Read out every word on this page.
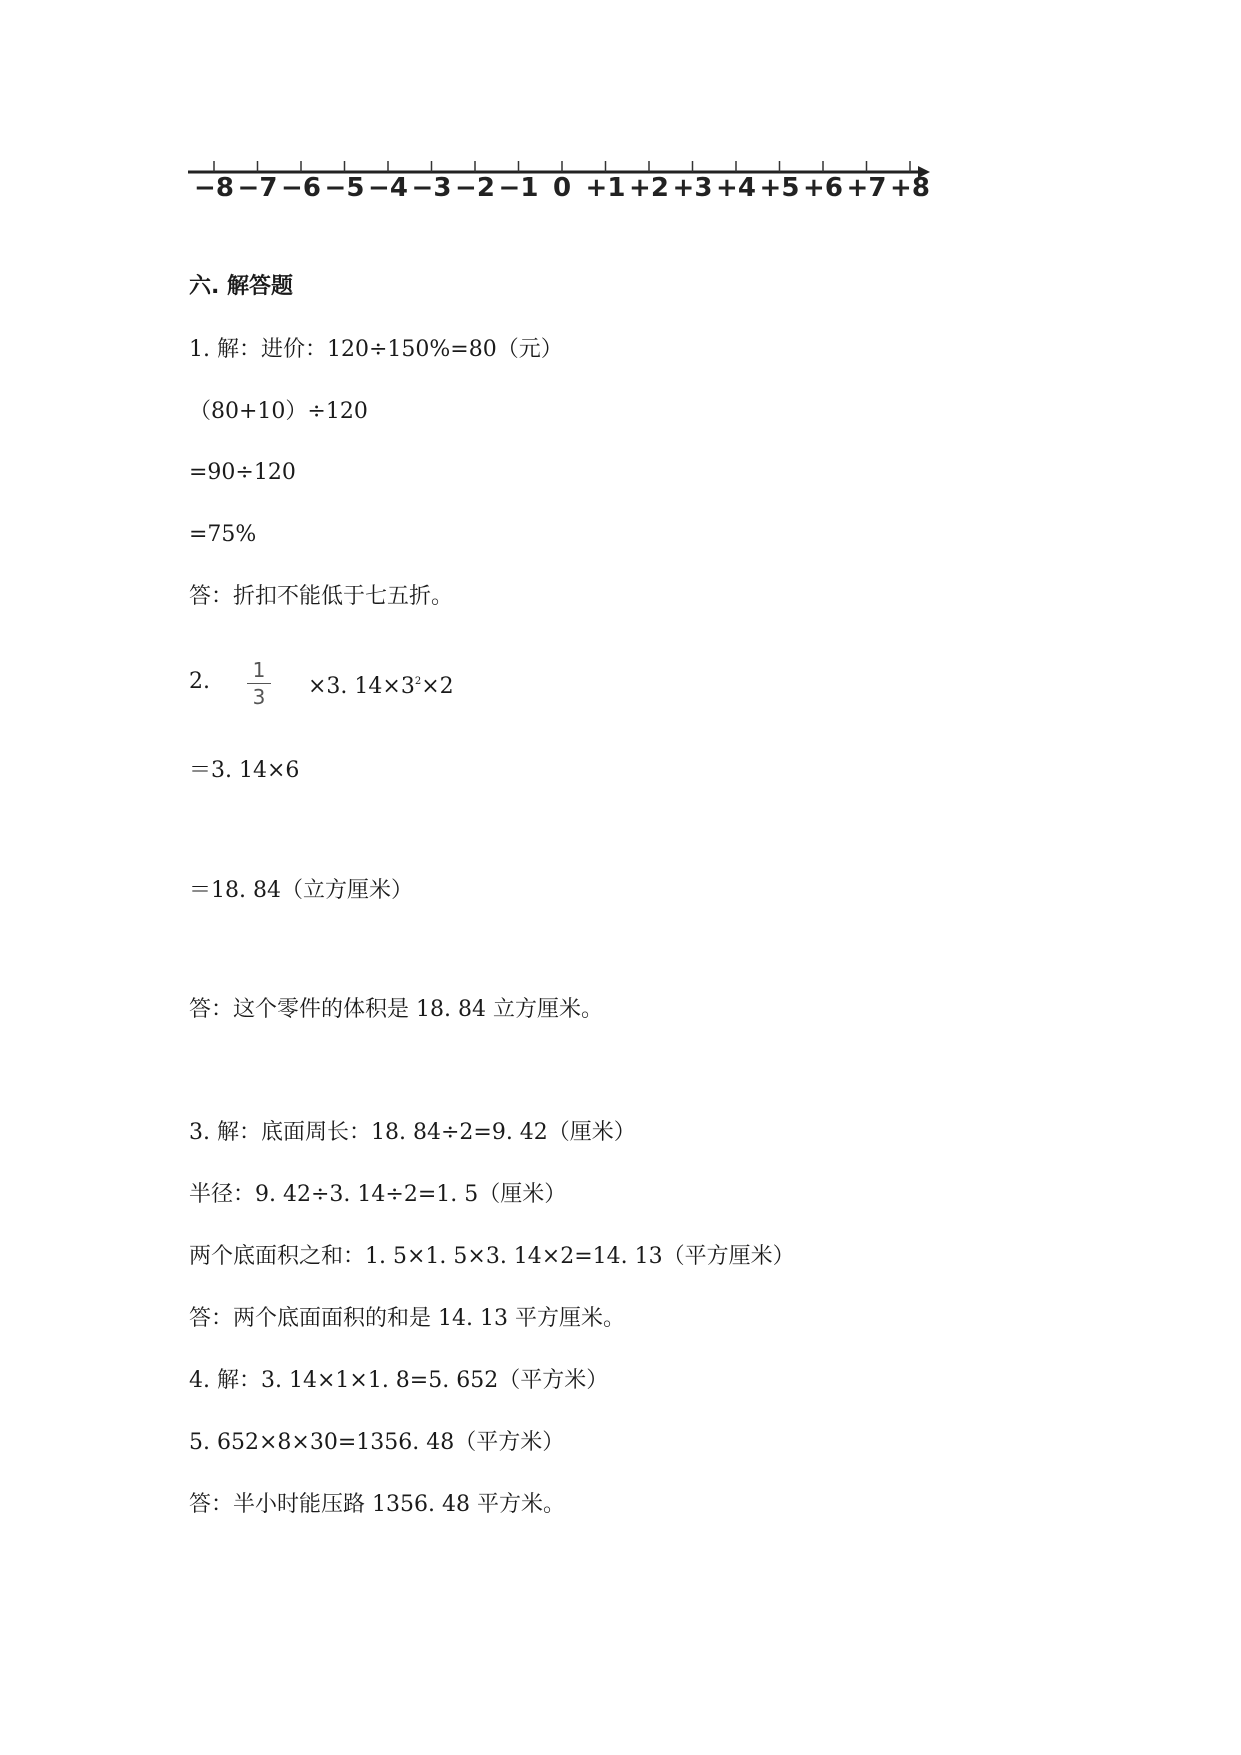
−8 −7 −6 −5 −4 −3 −2 −1 0 +1 +2 +3 +4 +5 +6 +7 +8
六. 解答题
1. 解：进价：120÷150%=80（元）
（80+10）÷120
=90÷120
=75%
答：折扣不能低于七五折。
2.	1
3	×3. $14\times 3^2\times 2$
＝3. 14×6
＝18. 84（立方厘米）
答：这个零件的体积是 18. 84 立方厘米。
3. 解：底面周长：18. 84÷2=9. 42（厘米）
半径：9. 42÷3. 14÷2=1. 5（厘米）
两个底面积之和：1. 5×1. 5×3. 14×2=14. 13（平方厘米）
答：两个底面面积的和是 14. 13 平方厘米。
4. 解：3. 14×1×1. 8=5. 652（平方米）
5. 652×8×30=1356. 48（平方米）
答：半小时能压路 1356. 48 平方米。
